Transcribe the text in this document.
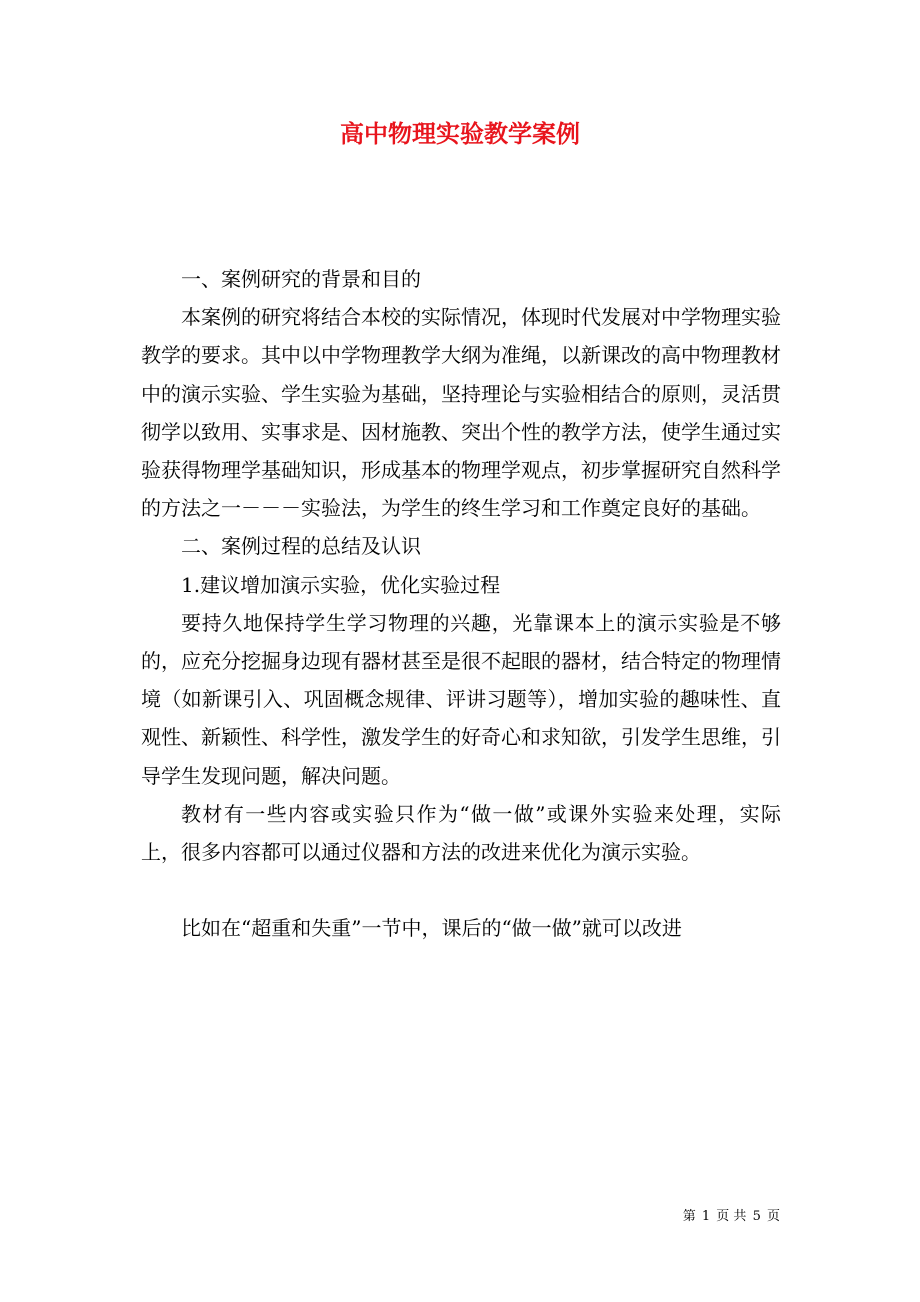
高中物理实验教学案例

一、案例研究的背景和目的

本案例的研究将结合本校的实际情况，体现时代发展对中学物理实验教学的要求。其中以中学物理教学大纲为准绳，以新课改的高中物理教材中的演示实验、学生实验为基础，坚持理论与实验相结合的原则，灵活贯彻学以致用、实事求是、因材施教、突出个性的教学方法，使学生通过实验获得物理学基础知识，形成基本的物理学观点，初步掌握研究自然科学的方法之一－－－实验法，为学生的终生学习和工作奠定良好的基础。

二、案例过程的总结及认识

1.建议增加演示实验，优化实验过程

要持久地保持学生学习物理的兴趣，光靠课本上的演示实验是不够的，应充分挖掘身边现有器材甚至是很不起眼的器材，结合特定的物理情境（如新课引入、巩固概念规律、评讲习题等），增加实验的趣味性、直观性、新颖性、科学性，激发学生的好奇心和求知欲，引发学生思维，引导学生发现问题，解决问题。

教材有一些内容或实验只作为“做一做”或课外实验来处理，实际上，很多内容都可以通过仪器和方法的改进来优化为演示实验。

比如在“超重和失重”一节中，课后的“做一做”就可以改进

第 1 页 共 5 页
